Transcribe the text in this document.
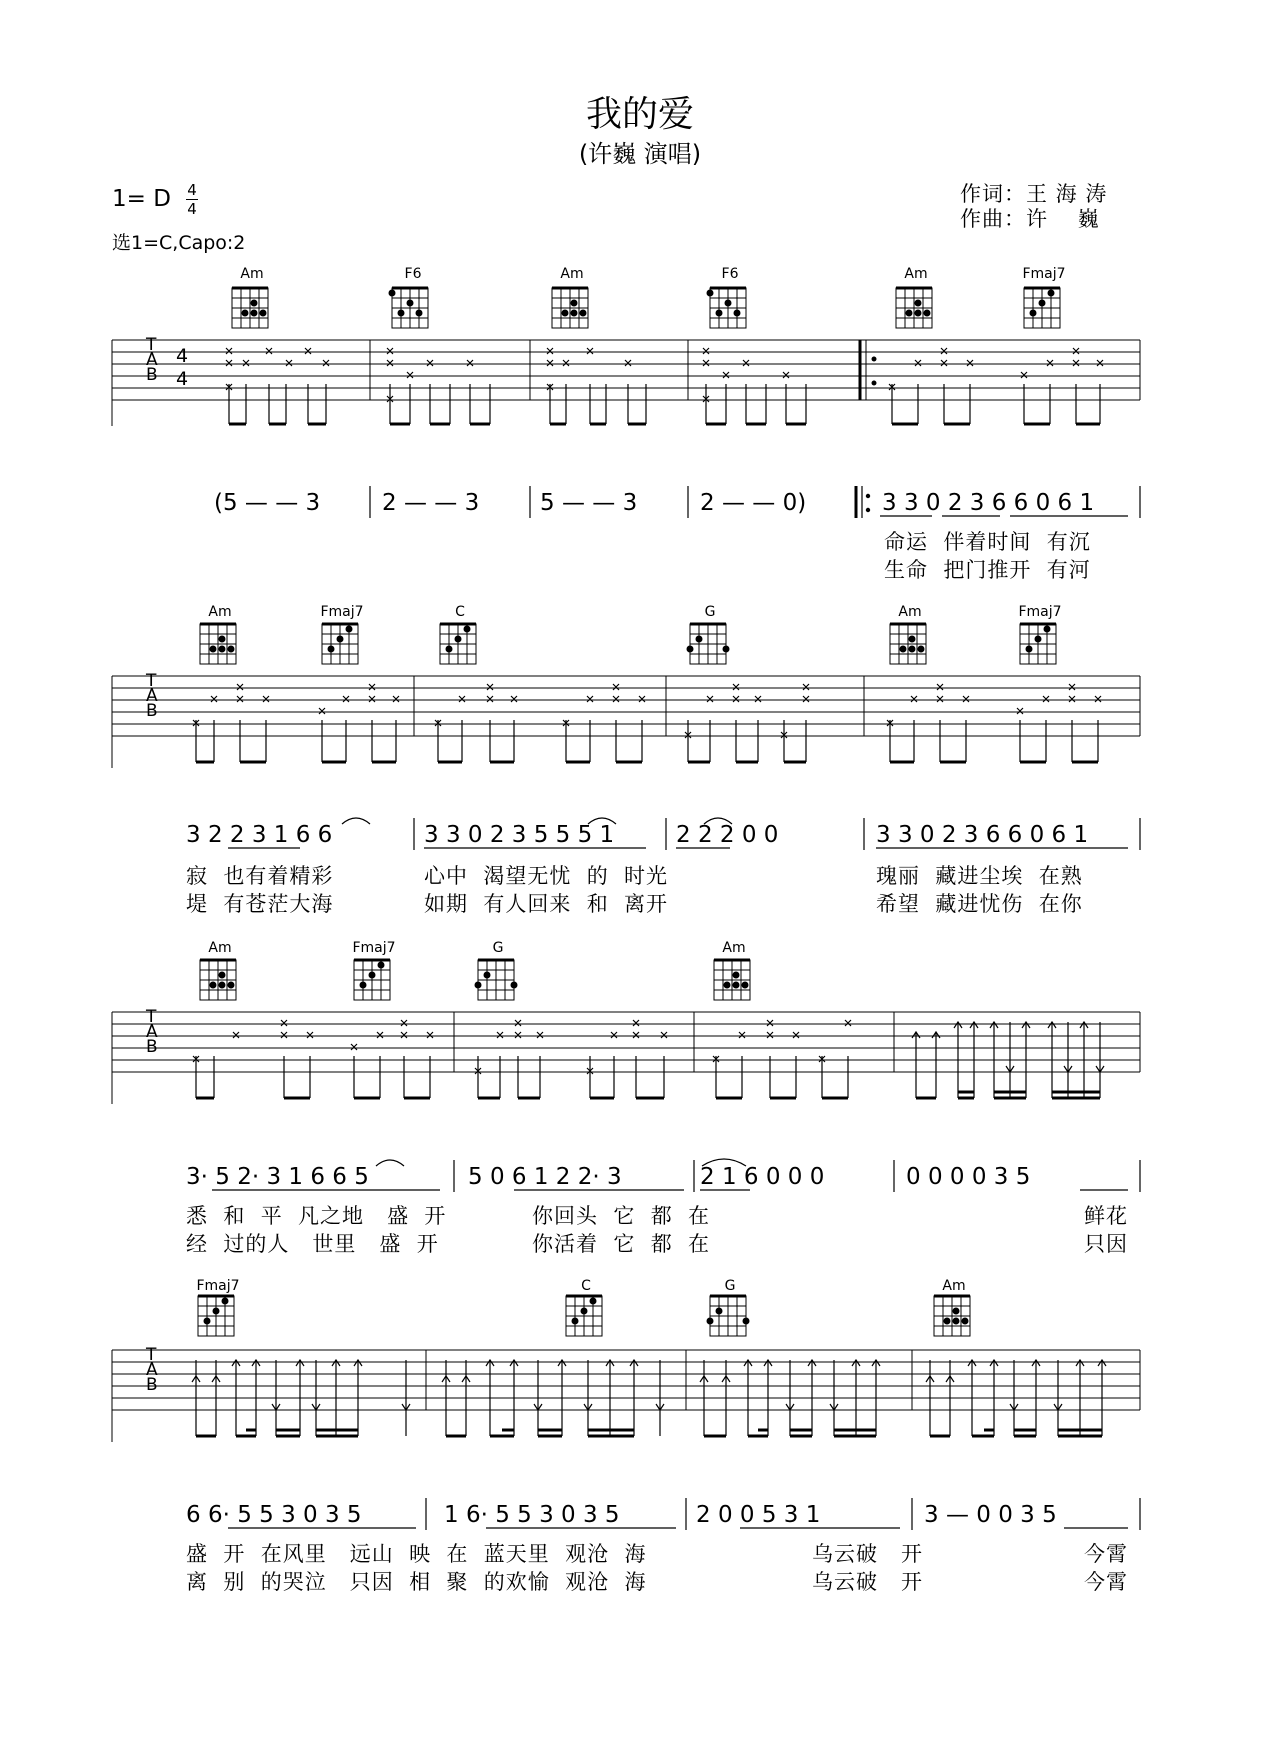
我的爱
(许巍 演唱)
1= D 4
4
选1=C,Capo:2
作词：王 海 涛
作曲：许　 巍
Am	F6	Am	F6	Am	Fmaj7
T
A
B
4
4
(5 — — 3	2 — — 3	5 — — 3	2 — — 0)	3 3 0 2 3 6 6 0 6 1
命运  伴着时间  有沉
生命  把门推开  有河
Am	Fmaj7	C	G	Am	Fmaj7
T
A
B
3 2 2 3 1 6 6	3 3 0 2 3 5 5 5 1	2 2 2 0 0	3 3 0 2 3 6 6 0 6 1
寂  也有着精彩	心中  渴望无忧  的  时光	瑰丽  藏进尘埃  在熟
堤  有苍茫大海	如期  有人回来  和  离开	希望  藏进忧伤  在你
Am	Fmaj7	G	Am
T
A
B
3· 5 2· 3 1 6 6 5	5 0 6 1 2 2· 3	2 1 6 0 0 0	0 0 0 0 3 5
悉  和  平  凡之地   盛  开	你回头  它  都  在	鲜花
经  过的人   世里   盛  开	你活着  它  都  在	只因
Fmaj7	C	G	Am
T
A
B
6 6· 5 5 3 0 3 5	1 6· 5 5 3 0 3 5	2 0 0 5 3 1	3 — 0 0 3 5
盛  开  在风里   远山  映  在  蓝天里  观沧  海	乌云破   开	今霄
离  别  的哭泣   只因  相  聚  的欢愉  观沧  海	乌云破   开	今霄
